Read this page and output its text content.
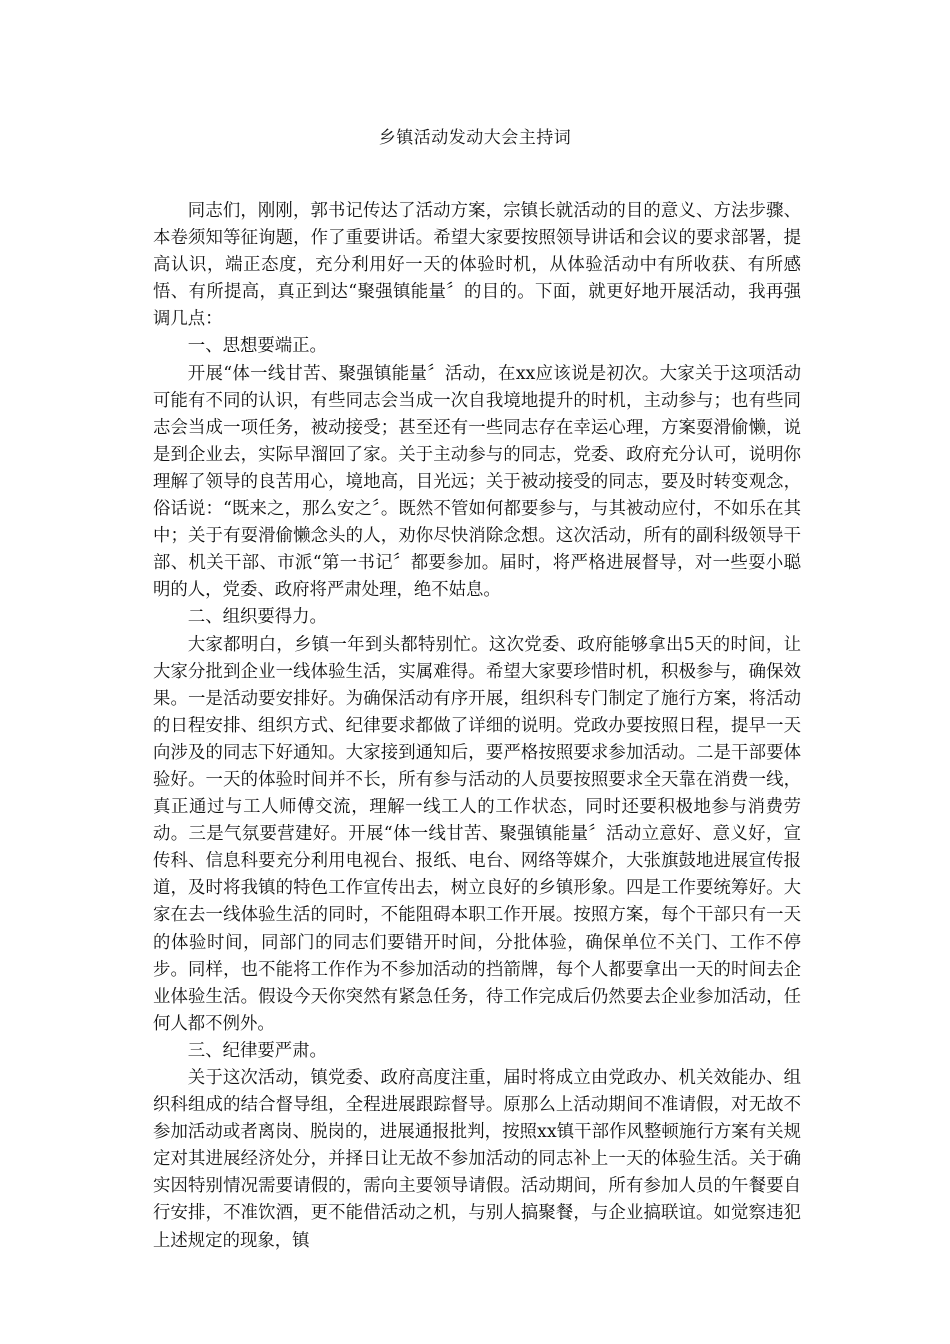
乡镇活动发动大会主持词

同志们，刚刚，郭书记传达了活动方案，宗镇长就活动的目的意义、方法步骤、本卷须知等征询题，作了重要讲话。希望大家要按照领导讲话和会议的要求部署，提高认识，端正态度，充分利用好一天的体验时机，从体验活动中有所收获、有所感悟、有所提高，真正到达“聚强镇能量〞的目的。下面，就更好地开展活动，我再强调几点：

一、思想要端正。

开展“体一线甘苦、聚强镇能量〞活动，在xx应该说是初次。大家关于这项活动可能有不同的认识，有些同志会当成一次自我境地提升的时机，主动参与；也有些同志会当成一项任务，被动接受；甚至还有一些同志存在幸运心理，方案耍滑偷懒，说是到企业去，实际早溜回了家。关于主动参与的同志，党委、政府充分认可，说明你理解了领导的良苦用心，境地高，目光远；关于被动接受的同志，要及时转变观念，俗话说：“既来之，那么安之〞。既然不管如何都要参与，与其被动应付，不如乐在其中；关于有耍滑偷懒念头的人，劝你尽快消除念想。这次活动，所有的副科级领导干部、机关干部、市派“第一书记〞都要参加。届时，将严格进展督导，对一些耍小聪明的人，党委、政府将严肃处理，绝不姑息。

二、组织要得力。

大家都明白，乡镇一年到头都特别忙。这次党委、政府能够拿出5天的时间，让大家分批到企业一线体验生活，实属难得。希望大家要珍惜时机，积极参与，确保效果。一是活动要安排好。为确保活动有序开展，组织科专门制定了施行方案，将活动的日程安排、组织方式、纪律要求都做了详细的说明。党政办要按照日程，提早一天向涉及的同志下好通知。大家接到通知后，要严格按照要求参加活动。二是干部要体验好。一天的体验时间并不长，所有参与活动的人员要按照要求全天靠在消费一线，真正通过与工人师傅交流，理解一线工人的工作状态，同时还要积极地参与消费劳动。三是气氛要营建好。开展“体一线甘苦、聚强镇能量〞活动立意好、意义好，宣传科、信息科要充分利用电视台、报纸、电台、网络等媒介，大张旗鼓地进展宣传报道，及时将我镇的特色工作宣传出去，树立良好的乡镇形象。四是工作要统筹好。大家在去一线体验生活的同时，不能阻碍本职工作开展。按照方案，每个干部只有一天的体验时间，同部门的同志们要错开时间，分批体验，确保单位不关门、工作不停步。同样，也不能将工作作为不参加活动的挡箭牌，每个人都要拿出一天的时间去企业体验生活。假设今天你突然有紧急任务，待工作完成后仍然要去企业参加活动，任何人都不例外。

三、纪律要严肃。

关于这次活动，镇党委、政府高度注重，届时将成立由党政办、机关效能办、组织科组成的结合督导组，全程进展跟踪督导。原那么上活动期间不准请假，对无故不参加活动或者离岗、脱岗的，进展通报批判，按照xx镇干部作风整顿施行方案有关规定对其进展经济处分，并择日让无故不参加活动的同志补上一天的体验生活。关于确实因特别情况需要请假的，需向主要领导请假。活动期间，所有参加人员的午餐要自行安排，不准饮酒，更不能借活动之机，与别人搞聚餐，与企业搞联谊。如觉察违犯上述规定的现象，镇
